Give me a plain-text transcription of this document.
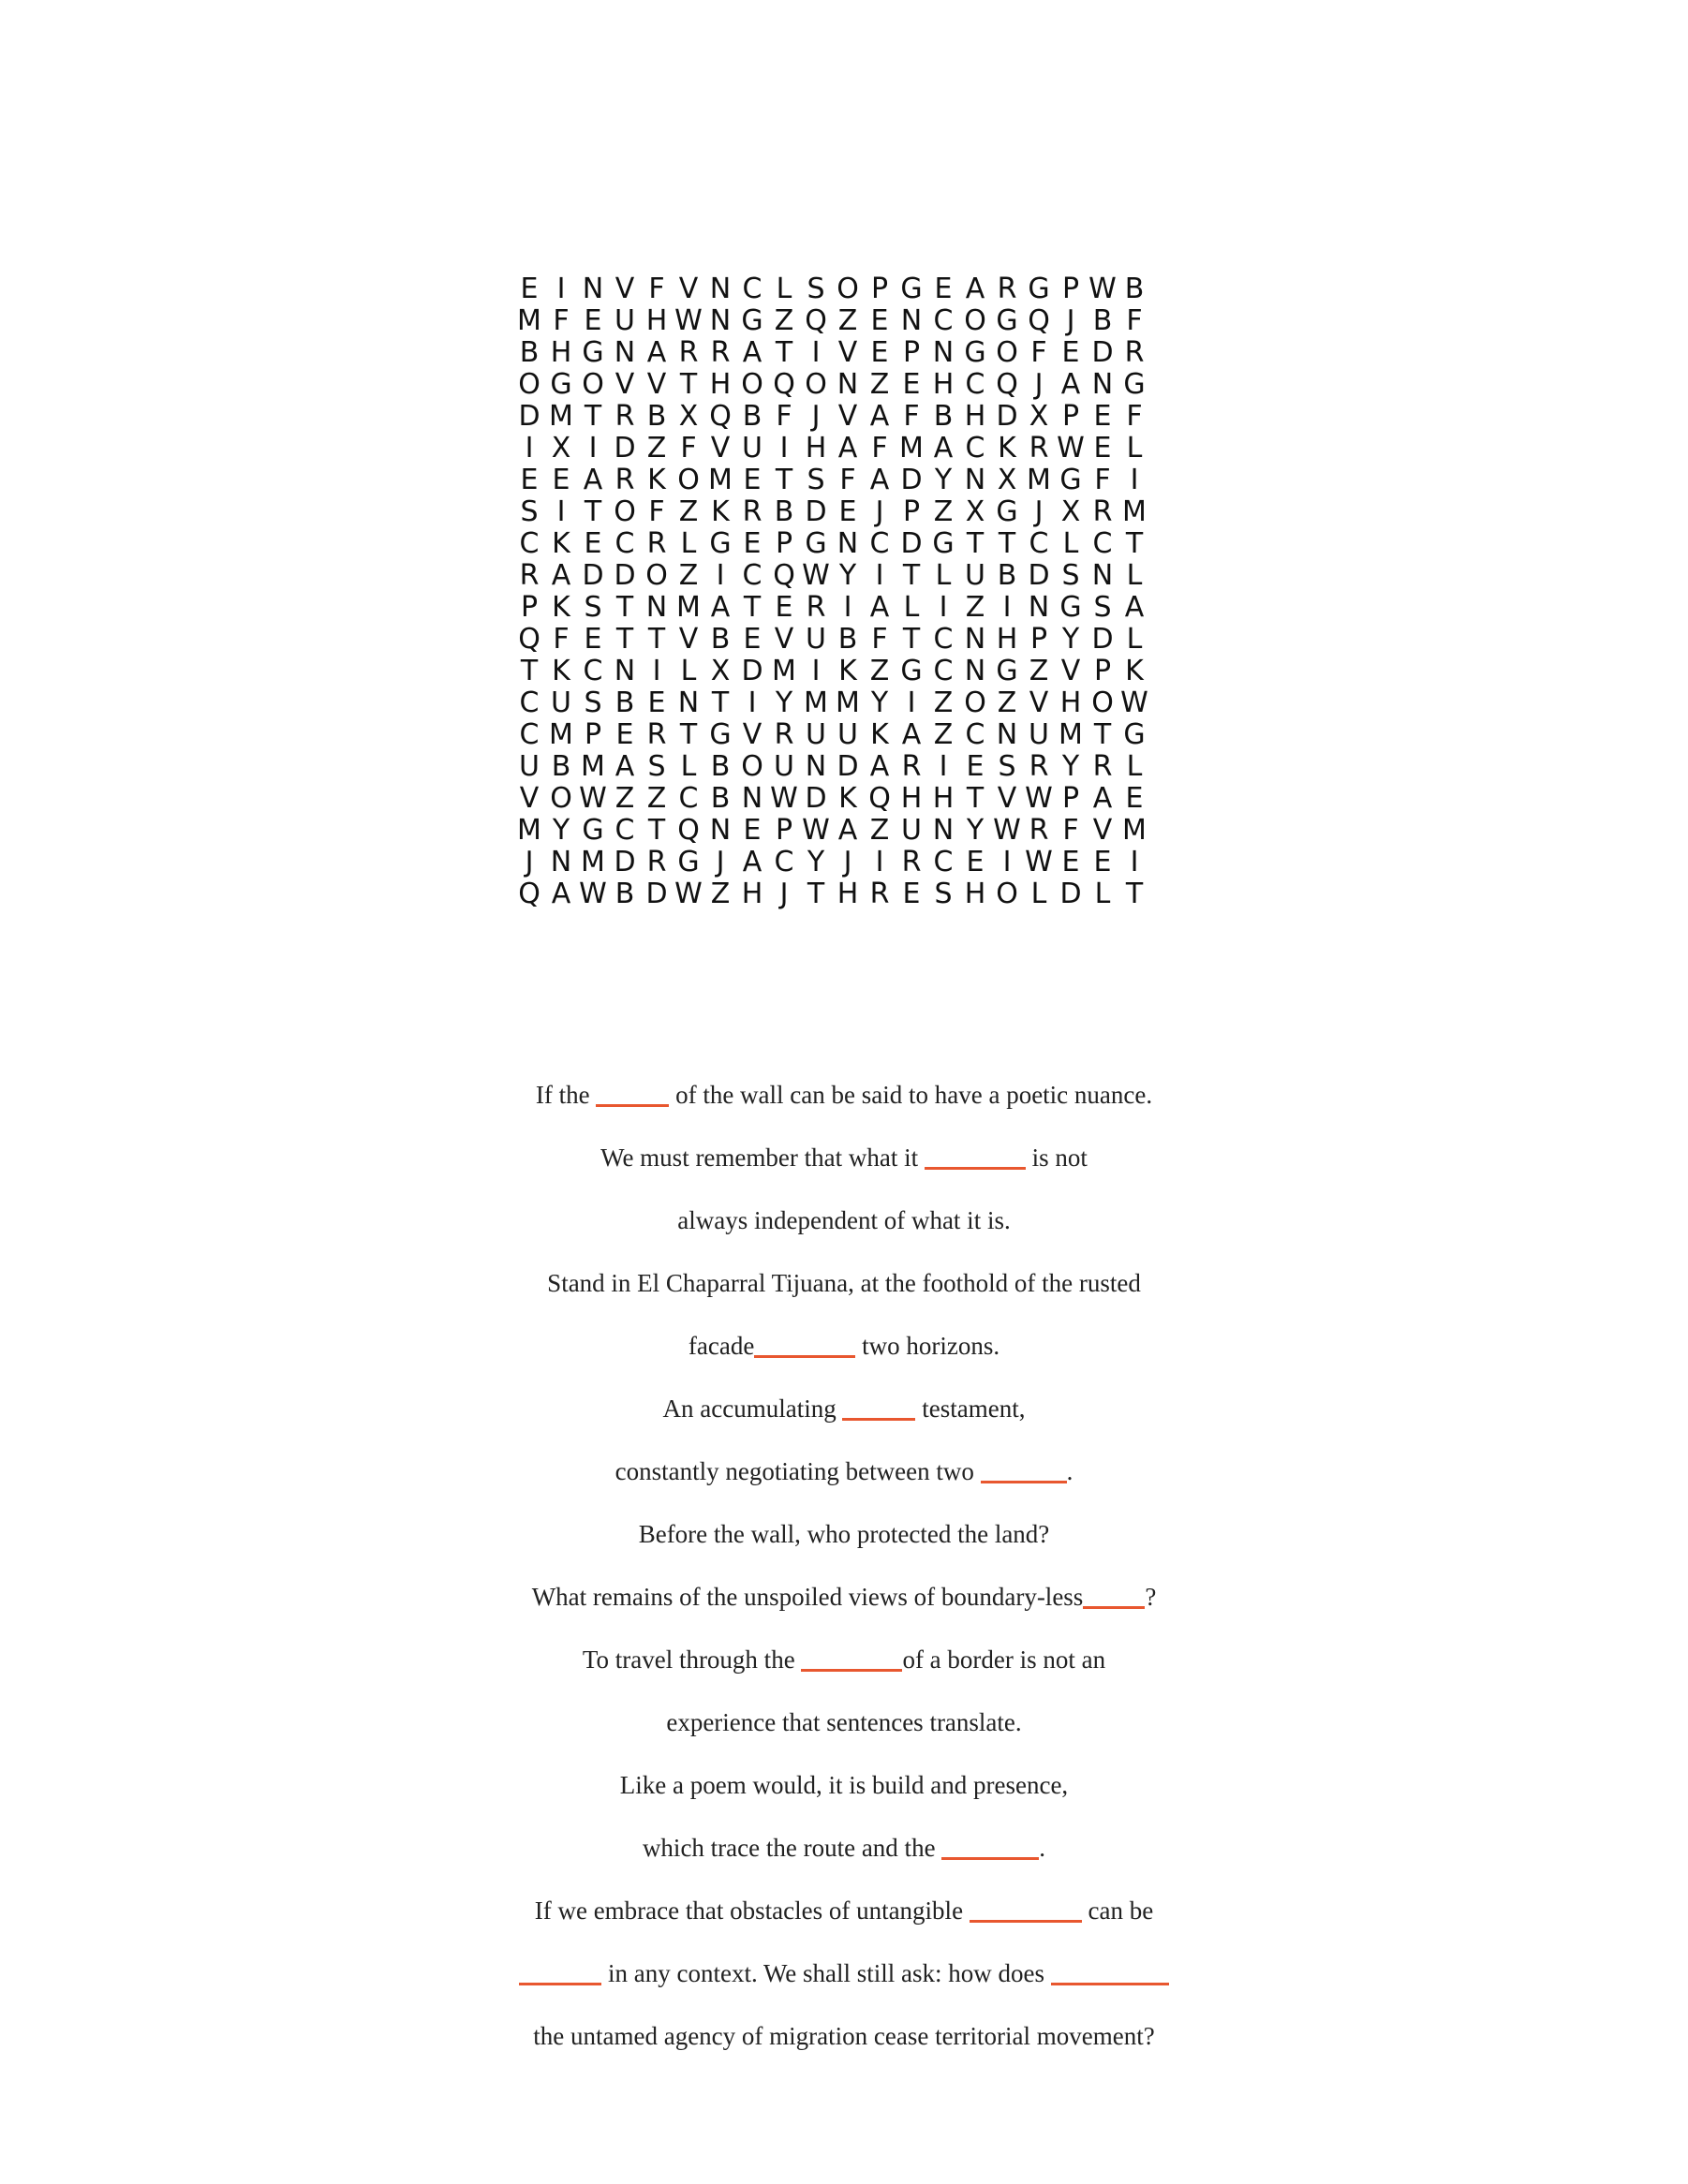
E I N V F V N C L S O P G E A R G P W B
M F E U H W N G Z Q Z E N C O G Q J B F
B H G N A R R A T I V E P N G O F E D R
O G O V V T H O Q O N Z E H C Q J A N G
D M T R B X Q B F J V A F B H D X P E F
I X I D Z F V U I H A F M A C K R W E L
E E A R K O M E T S F A D Y N X M G F I
S I T O F Z K R B D E J P Z X G J X R M
C K E C R L G E P G N C D G T T C L C T
R A D D O Z I C Q W Y I T L U B D S N L
P K S T N M A T E R I A L I Z I N G S A
Q F E T T V B E V U B F T C N H P Y D L
T K C N I L X D M I K Z G C N G Z V P K
C U S B E N T I Y M M Y I Z O Z V H O W
C M P E R T G V R U U K A Z C N U M T G
U B M A S L B O U N D A R I E S R Y R L
V O W Z Z C B N W D K Q H H T V W P A E
M Y G C T Q N E P W A Z U N Y W R F V M
J N M D R G J A C Y J I R C E I W E E I
Q A W B D W Z H J T H R E S H O L D L T
If the	of the wall can be said to have a poetic nuance.
We must remember that what it	is not
always independent of what it is.
Stand in El Chaparral Tijuana, at the foothold of the rusted
facade	two horizons.
An accumulating	testament,
constantly negotiating between two	.
Before the wall, who protected the land?
What remains of the unspoiled views of boundary-less ?
To travel through the	of a border is not an
experience that sentences translate.
Like a poem would, it is build and presence,
which trace the route and the	.
If we embrace that obstacles of untangible	can be
in any context. We shall still ask: how does
the untamed agency of migration cease territorial movement?
